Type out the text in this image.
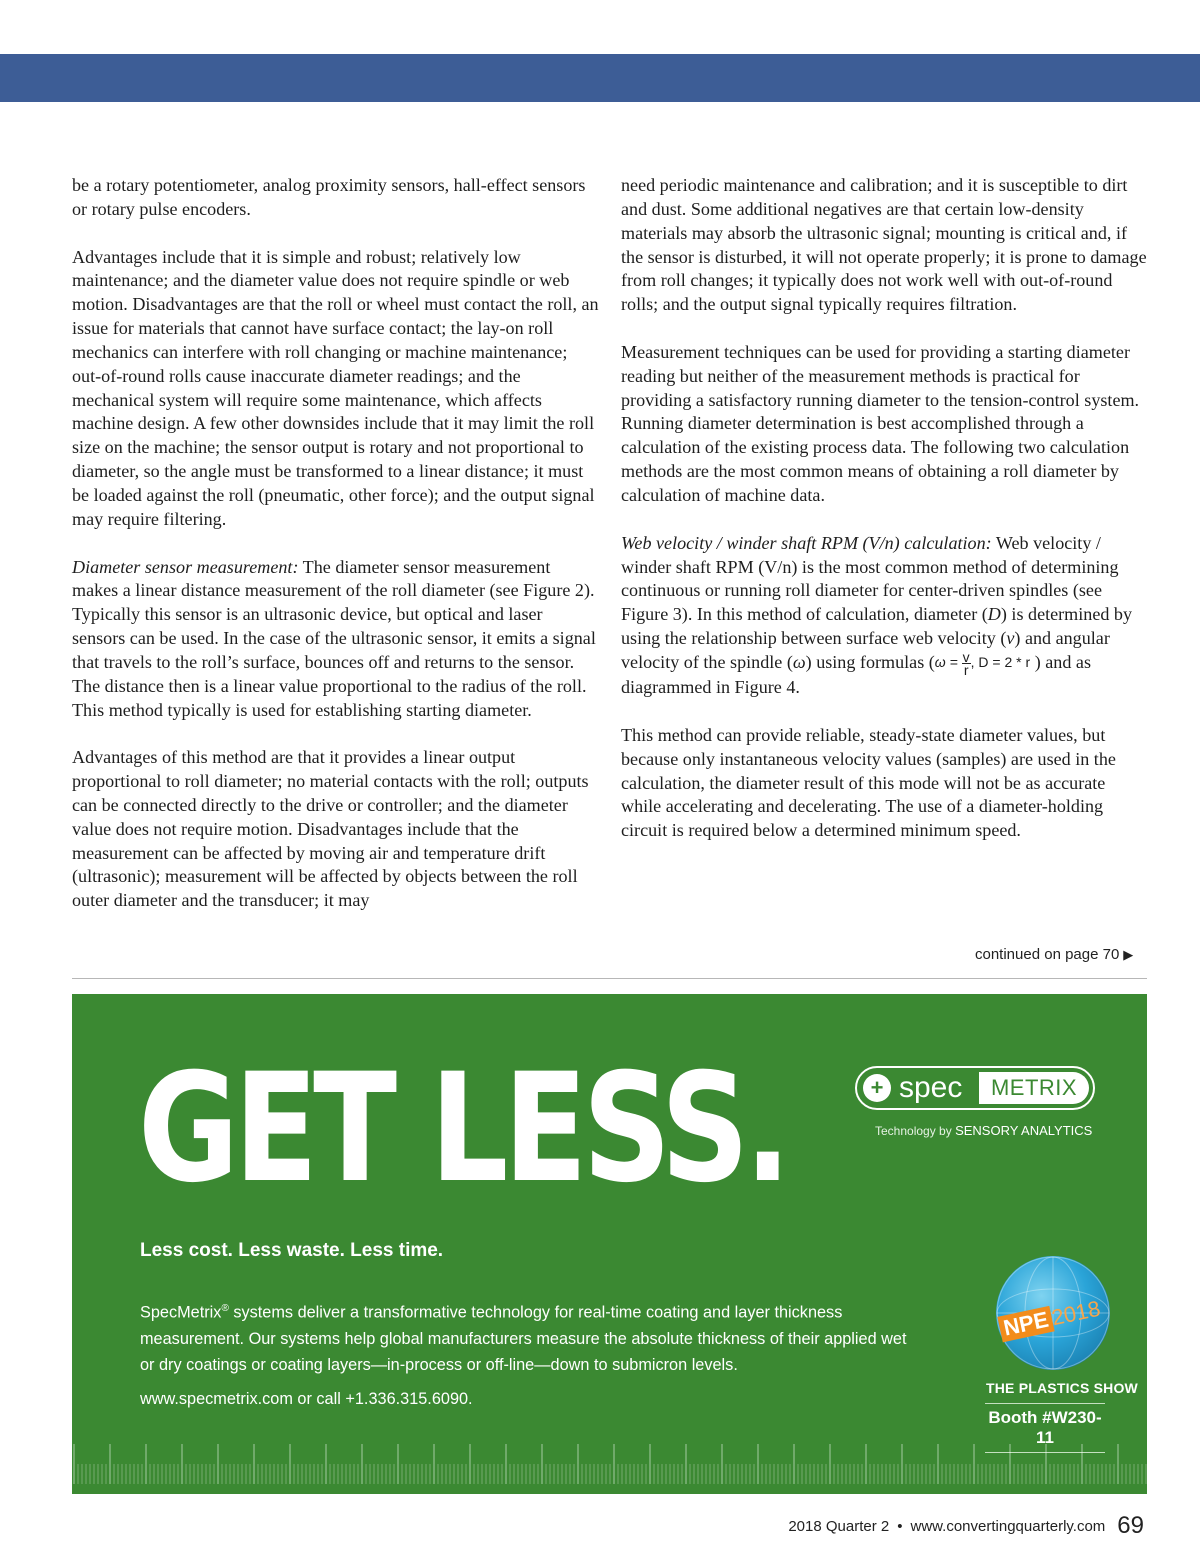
be a rotary potentiometer, analog proximity sensors, hall-effect sensors or rotary pulse encoders.

Advantages include that it is simple and robust; relatively low maintenance; and the diameter value does not require spindle or web motion. Disadvantages are that the roll or wheel must contact the roll, an issue for materials that cannot have surface contact; the lay-on roll mechanics can interfere with roll changing or machine maintenance; out-of-round rolls cause inaccurate diameter readings; and the mechanical system will require some maintenance, which affects machine design. A few other downsides include that it may limit the roll size on the machine; the sensor output is rotary and not proportional to diameter, so the angle must be transformed to a linear distance; it must be loaded against the roll (pneumatic, other force); and the output signal may require filtering.

Diameter sensor measurement: The diameter sensor measurement makes a linear distance measurement of the roll diameter (see Figure 2). Typically this sensor is an ultrasonic device, but optical and laser sensors can be used. In the case of the ultrasonic sensor, it emits a signal that travels to the roll’s surface, bounces off and returns to the sensor. The distance then is a linear value proportional to the radius of the roll. This method typically is used for establishing starting diameter.

Advantages of this method are that it provides a linear output proportional to roll diameter; no material contacts with the roll; outputs can be connected directly to the drive or controller; and the diameter value does not require motion. Disadvantages include that the measurement can be affected by moving air and temperature drift (ultrasonic); measurement will be affected by objects between the roll outer diameter and the transducer; it may

need periodic maintenance and calibration; and it is susceptible to dirt and dust. Some additional negatives are that certain low-density materials may absorb the ultrasonic signal; mounting is critical and, if the sensor is disturbed, it will not operate properly; it is prone to damage from roll changes; it typically does not work well with out-of-round rolls; and the output signal typically requires filtration.

Measurement techniques can be used for providing a starting diameter reading but neither of the measurement methods is practical for providing a satisfactory running diameter to the tension-control system. Running diameter determination is best accomplished through a calculation of the existing process data. The following two calculation methods are the most common means of obtaining a roll diameter by calculation of machine data.

Web velocity / winder shaft RPM (V/n) calculation: Web velocity / winder shaft RPM (V/n) is the most common method of determining continuous or running roll diameter for center-driven spindles (see Figure 3). In this method of calculation, diameter (D) is determined by using the relationship between surface web velocity (v) and angular velocity of the spindle (ω) using formulas ($\omega = \frac{v}{r}$ , D = 2 * r ) and as diagrammed in Figure 4.

This method can provide reliable, steady-state diameter values, but because only instantaneous velocity values (samples) are used in the calculation, the diameter result of this mode will not be as accurate while accelerating and decelerating. The use of a diameter-holding circuit is required below a determined minimum speed.

continued on page 70 ▶
GET LESS.	+ spec	METRIX
Technology by SENSORY ANALYTICS
Less cost. Less waste. Less time.
SpecMetrix® systems deliver a transformative technology for real-time coating and layer thickness measurement. Our systems help global manufacturers measure the absolute thickness of their applied wet or dry coatings or coating layers—in-process or off-line—down to submicron levels.
www.specmetrix.com or call +1.336.315.6090.
NPE2018
THE PLASTICS SHOW
Booth #W230-11
2018 Quarter 2 • www.convertingquarterly.com 69
